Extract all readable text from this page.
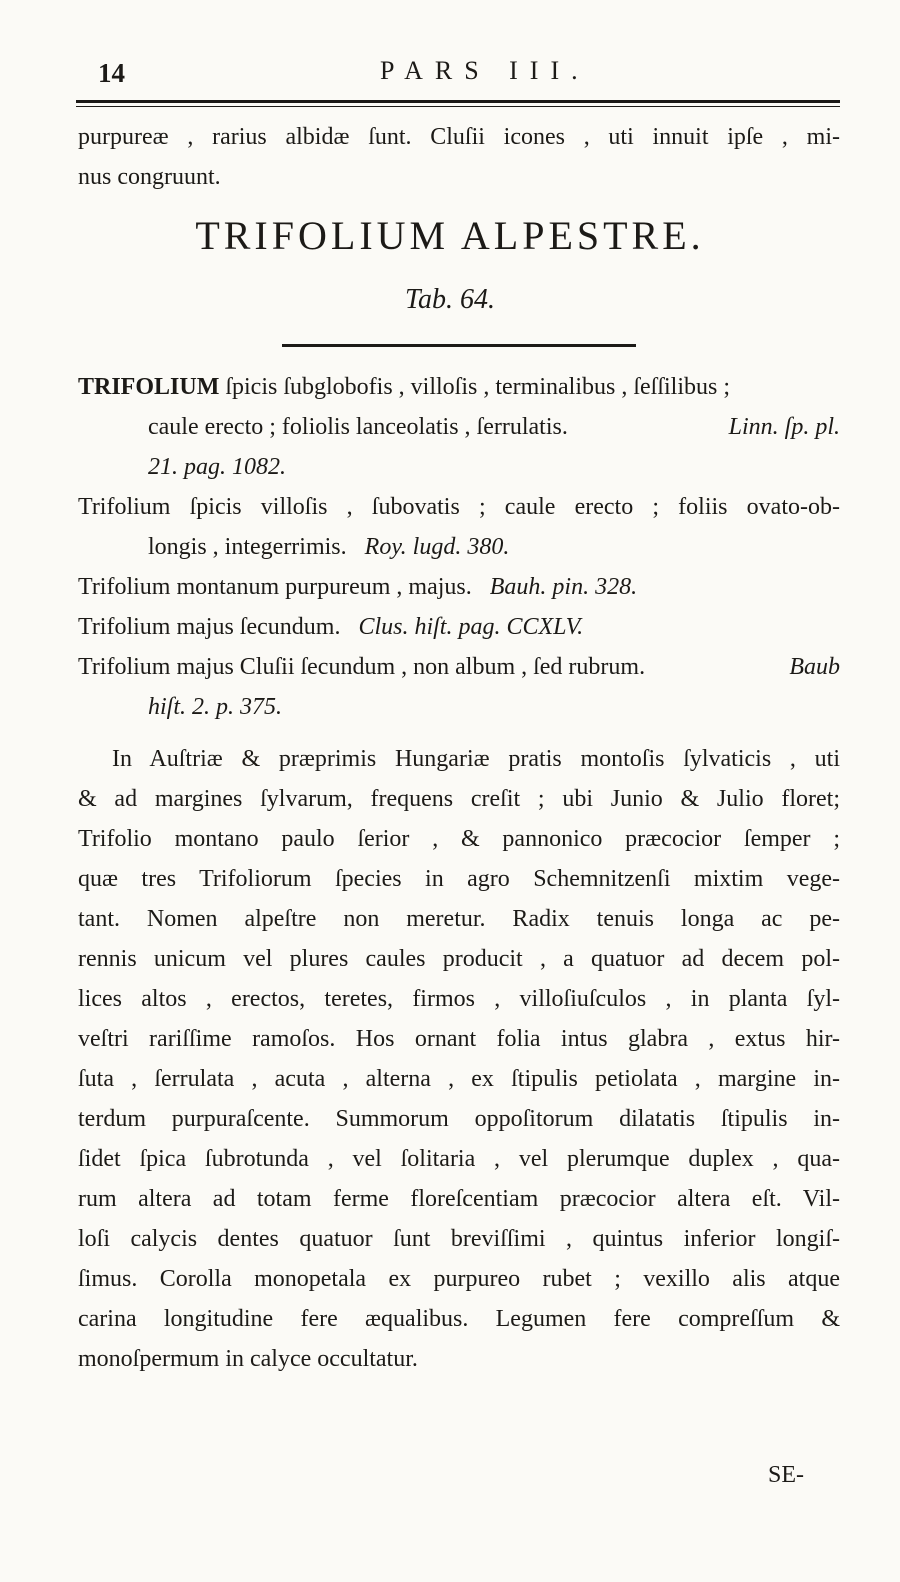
14	PARS III.
purpureæ , rarius albidæ ſunt. Cluſii icones , uti innuit ipſe , mi-
nus congruunt.
TRIFOLIUM ALPESTRE.
Tab. 64.
TRIFOLIUM ſpicis ſubglobofis , villoſis , terminalibus , ſeſſilibus ;
caule erecto ; foliolis lanceolatis , ſerrulatis.	Linn. ſp. pl.
21. pag. 1082.
Trifolium ſpicis villoſis , ſubovatis ; caule erecto ; foliis ovato-ob-
longis , integerrimis. Roy. lugd. 380.
Trifolium montanum purpureum , majus. Bauh. pin. 328.
Trifolium majus ſecundum. Clus. hiſt. pag. CCXLV.
Trifolium majus Cluſii ſecundum , non album , ſed rubrum.	Baub
hiſt. 2. p. 375.
In Auſtriæ & præprimis Hungariæ pratis montoſis ſylvaticis , uti
& ad margines ſylvarum, frequens creſit ; ubi Junio & Julio floret;
Trifolio montano paulo ſerior , & pannonico præcocior ſemper ;
quæ tres Trifoliorum ſpecies in agro Schemnitzenſi mixtim vege-
tant. Nomen alpeſtre non meretur. Radix tenuis longa ac pe-
rennis unicum vel plures caules producit , a quatuor ad decem pol-
lices altos , erectos, teretes, firmos , villoſiuſculos , in planta ſyl-
veſtri rariſſime ramoſos. Hos ornant folia intus glabra , extus hir-
ſuta , ſerrulata , acuta , alterna , ex ſtipulis petiolata , margine in-
terdum purpuraſcente. Summorum oppoſitorum dilatatis ſtipulis in-
ſidet ſpica ſubrotunda , vel ſolitaria , vel plerumque duplex , qua-
rum altera ad totam ferme floreſcentiam præcocior altera eſt. Vil-
loſi calycis dentes quatuor ſunt breviſſimi , quintus inferior longiſ-
ſimus. Corolla monopetala ex purpureo rubet ; vexillo alis atque
carina longitudine fere æqualibus. Legumen fere compreſſum &
monoſpermum in calyce occultatur.
SE-
